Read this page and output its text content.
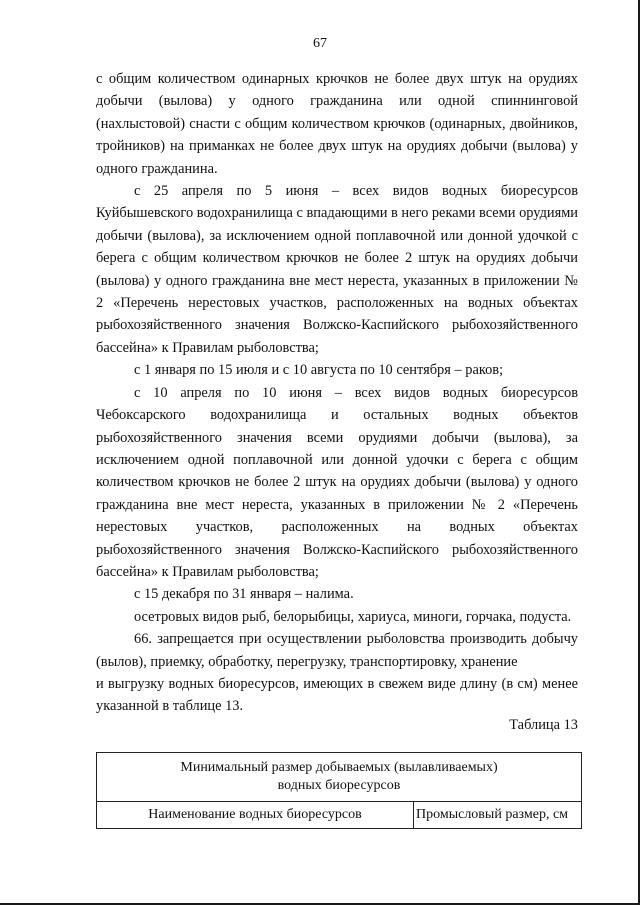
67

с общим количеством одинарных крючков не более двух штук на орудиях добычи (вылова) у одного гражданина или одной спиннинговой (нахлыстовой) снасти с общим количеством крючков (одинарных, двойников, тройников) на приманках не более двух штук на орудиях добычи (вылова) у одного гражданина.

с 25 апреля по 5 июня – всех видов водных биоресурсов Куйбышевского водохранилища с впадающими в него реками всеми орудиями добычи (вылова), за исключением одной поплавочной или донной удочкой с берега с общим количеством крючков не более 2 штук на орудиях добычи (вылова) у одного гражданина вне мест нереста, указанных в приложении № 2 «Перечень нерестовых участков, расположенных на водных объектах рыбохозяйственного значения Волжско-Каспийского рыбохозяйственного бассейна» к Правилам рыболовства;

с 1 января по 15 июля и с 10 августа по 10 сентября – раков;

с 10 апреля по 10 июня – всех видов водных биоресурсов Чебоксарского водохранилища и остальных водных объектов рыбохозяйственного значения всеми орудиями добычи (вылова), за исключением одной поплавочной или донной удочки с берега с общим количеством крючков не более 2 штук на орудиях добычи (вылова) у одного гражданина вне мест нереста, указанных в приложении № 2 «Перечень нерестовых участков, расположенных на водных объектах рыбохозяйственного значения Волжско-Каспийского рыбохозяйственного бассейна» к Правилам рыболовства;

с 15 декабря по 31 января – налима.

осетровых видов рыб, белорыбицы, хариуса, миноги, горчака, подуста.

66. запрещается при осуществлении рыболовства производить добычу (вылов), приемку, обработку, перегрузку, транспортировку, хранение

и выгрузку водных биоресурсов, имеющих в свежем виде длину (в см) менее указанной в таблице 13.

Таблица 13
Минимальный размер добываемых (вылавливаемых)
водных биоресурсов

Наименование водных биоресурсов	Промысловый размер, см
